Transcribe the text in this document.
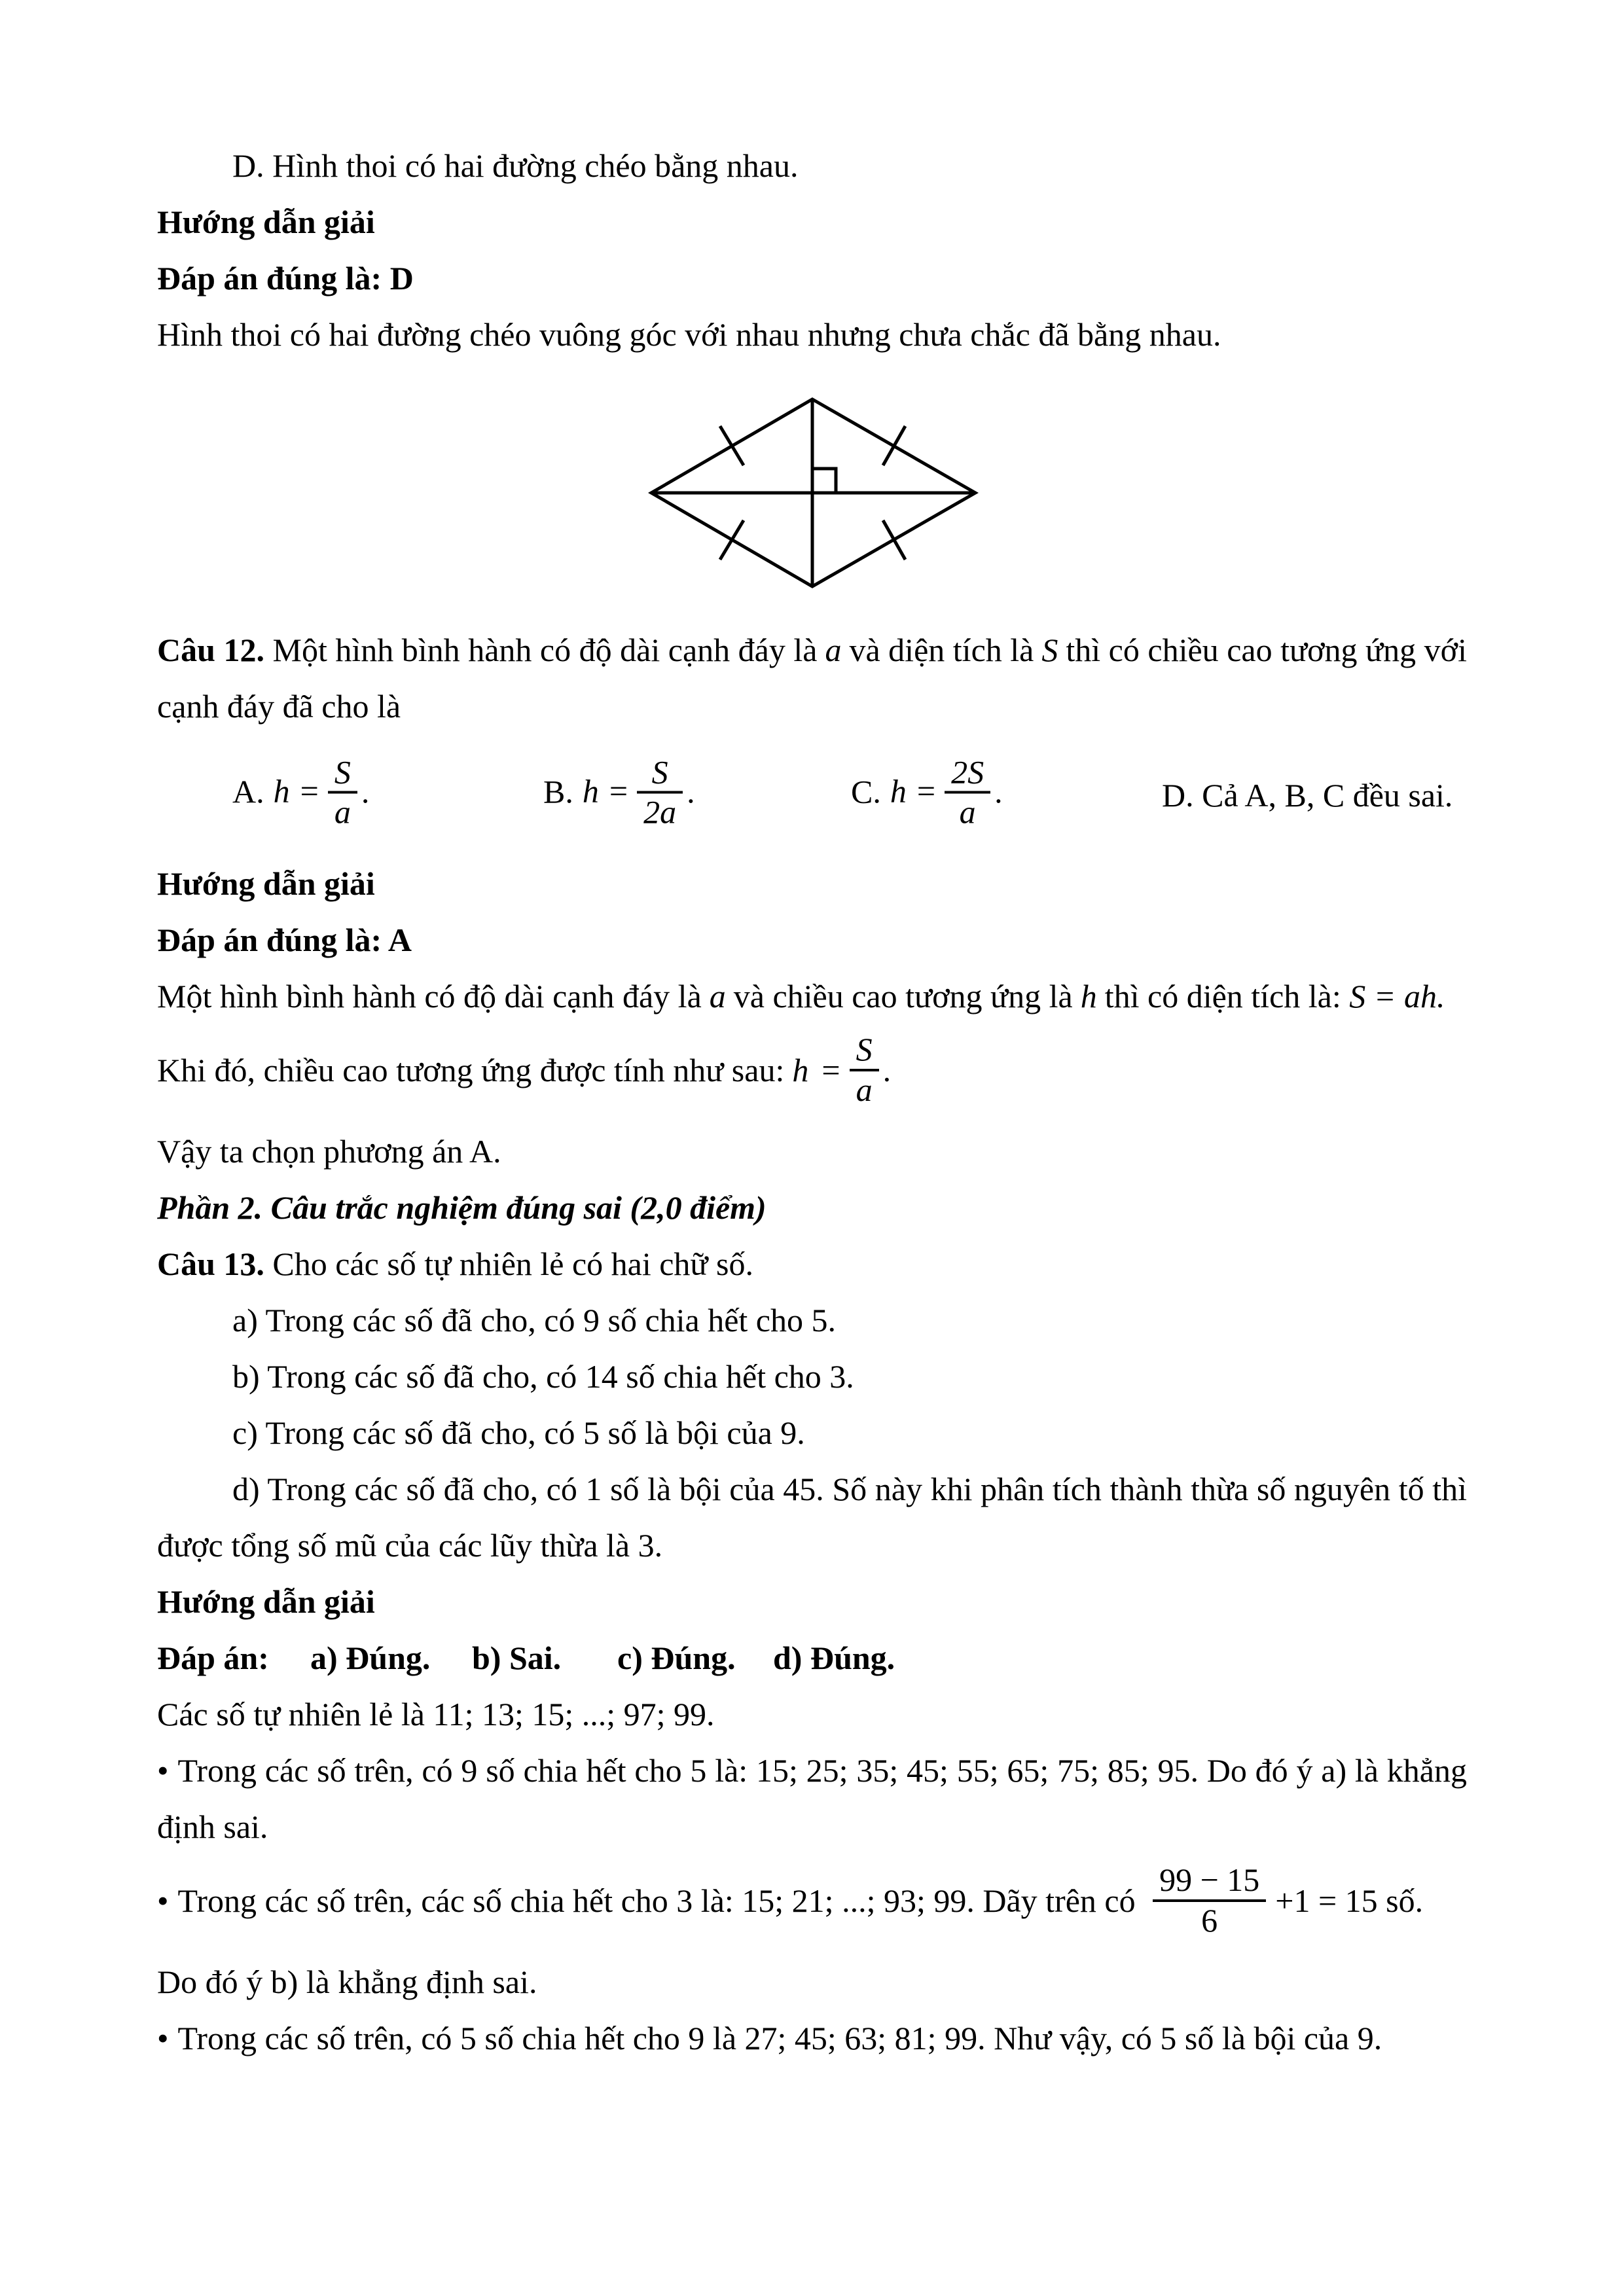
D. Hình thoi có hai đường chéo bằng nhau.

Hướng dẫn giải

Đáp án đúng là: D

Hình thoi có hai đường chéo vuông góc với nhau nhưng chưa chắc đã bằng nhau.

Câu 12. Một hình bình hành có độ dài cạnh đáy là a và diện tích là S thì có chiều cao tương ứng với cạnh đáy đã cho là

A. $h = \frac{S}{a}$ .	B. $h = \frac{S}{2a}$ .	C. $h = \frac{2S}{a}$ .	D. Cả A, B, C đều sai.

Hướng dẫn giải

Đáp án đúng là: A

Một hình bình hành có độ dài cạnh đáy là a và chiều cao tương ứng là h thì có diện tích là: S = ah.

Khi đó, chiều cao tương ứng được tính như sau: $h = \frac{S}{a}$ .

Vậy ta chọn phương án A.

Phần 2. Câu trắc nghiệm đúng sai (2,0 điểm)

Câu 13. Cho các số tự nhiên lẻ có hai chữ số.

a) Trong các số đã cho, có 9 số chia hết cho 5.

b) Trong các số đã cho, có 14 số chia hết cho 3.

c) Trong các số đã cho, có 5 số là bội của 9.

d) Trong các số đã cho, có 1 số là bội của 45. Số này khi phân tích thành thừa số nguyên tố thì được tổng số mũ của các lũy thừa là 3.

Hướng dẫn giải

Đáp án: a) Đúng. b) Sai. c) Đúng. d) Đúng.

Các số tự nhiên lẻ là 11; 13; 15; ...; 97; 99.

• Trong các số trên, có 9 số chia hết cho 5 là: 15; 25; 35; 45; 55; 65; 75; 85; 95. Do đó ý a) là khẳng định sai.

• Trong các số trên, các số chia hết cho 3 là: 15; 21; ...; 93; 99. Dãy trên có $\frac{99 - 15}{6} +1 = 15$ số.

Do đó ý b) là khẳng định sai.

• Trong các số trên, có 5 số chia hết cho 9 là 27; 45; 63; 81; 99. Như vậy, có 5 số là bội của 9.
